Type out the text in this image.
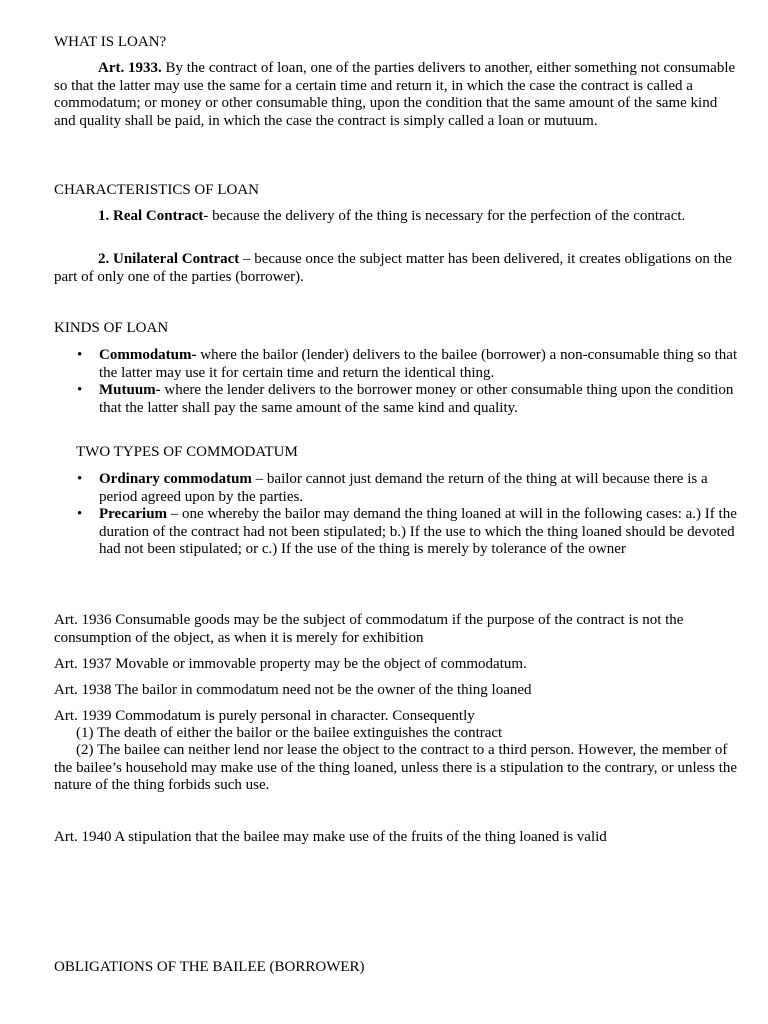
WHAT IS LOAN?

Art. 1933. By the contract of loan, one of the parties delivers to another, either something not consumable so that the latter may use the same for a certain time and return it, in which the case the contract is called a commodatum; or money or other consumable thing, upon the condition that the same amount of the same kind and quality shall be paid, in which the case the contract is simply called a loan or mutuum.

CHARACTERISTICS OF LOAN

1. Real Contract- because the delivery of the thing is necessary for the perfection of the contract.

2. Unilateral Contract – because once the subject matter has been delivered, it creates obligations on the part of only one of the parties (borrower).

KINDS OF LOAN

• Commodatum- where the bailor (lender) delivers to the bailee (borrower) a non-consumable thing so that the latter may use it for certain time and return the identical thing.
• Mutuum- where the lender delivers to the borrower money or other consumable thing upon the condition that the latter shall pay the same amount of the same kind and quality.

TWO TYPES OF COMMODATUM

• Ordinary commodatum – bailor cannot just demand the return of the thing at will because there is a period agreed upon by the parties.
• Precarium – one whereby the bailor may demand the thing loaned at will in the following cases: a.) If the duration of the contract had not been stipulated; b.) If the use to which the thing loaned should be devoted had not been stipulated; or c.) If the use of the thing is merely by tolerance of the owner

Art. 1936 Consumable goods may be the subject of commodatum if the purpose of the contract is not the consumption of the object, as when it is merely for exhibition

Art. 1937 Movable or immovable property may be the object of commodatum.

Art. 1938 The bailor in commodatum need not be the owner of the thing loaned

Art. 1939 Commodatum is purely personal in character. Consequently

(1) The death of either the bailor or the bailee extinguishes the contract

(2) The bailee can neither lend nor lease the object to the contract to a third person. However, the member of the bailee’s household may make use of the thing loaned, unless there is a stipulation to the contrary, or unless the nature of the thing forbids such use.

Art. 1940 A stipulation that the bailee may make use of the fruits of the thing loaned is valid

OBLIGATIONS OF THE BAILEE (BORROWER)
